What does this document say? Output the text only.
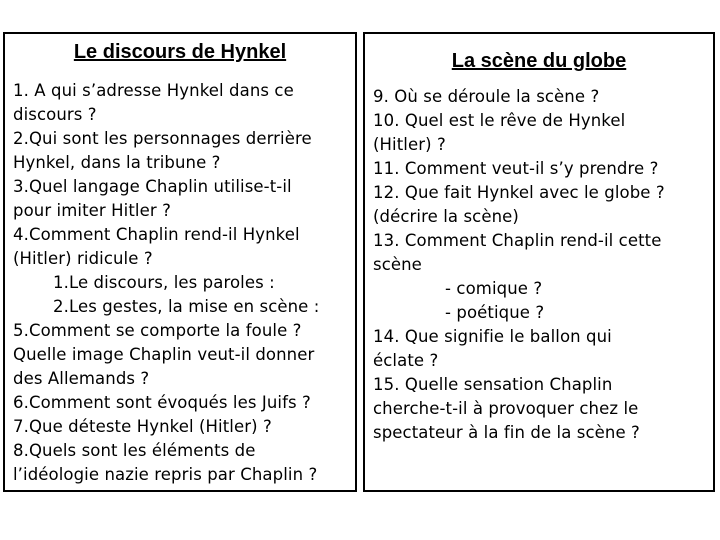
Le discours de Hynkel
1. A qui s’adresse Hynkel dans ce
discours ?
2.Qui sont les personnages derrière
Hynkel, dans la tribune ?
3.Quel langage Chaplin utilise-t-il
pour imiter Hitler ?
4.Comment Chaplin rend-il Hynkel
(Hitler) ridicule ?
1.Le discours, les paroles :
2.Les gestes, la mise en scène :
5.Comment se comporte la foule ?
Quelle image Chaplin veut-il donner
des Allemands ?
6.Comment sont évoqués les Juifs ?
7.Que déteste Hynkel (Hitler) ?
8.Quels sont les éléments de
l’idéologie nazie repris par Chaplin ?
La scène du globe
9. Où se déroule la scène ?
10. Quel est le rêve de Hynkel
(Hitler) ?
11. Comment veut-il s’y prendre ?
12. Que fait Hynkel avec le globe ?
(décrire la scène)
13. Comment Chaplin rend-il cette
scène
- comique ?
- poétique ?
14. Que signifie le ballon qui
éclate ?
15. Quelle sensation Chaplin
cherche-t-il à provoquer chez le
spectateur à la fin de la scène ?
